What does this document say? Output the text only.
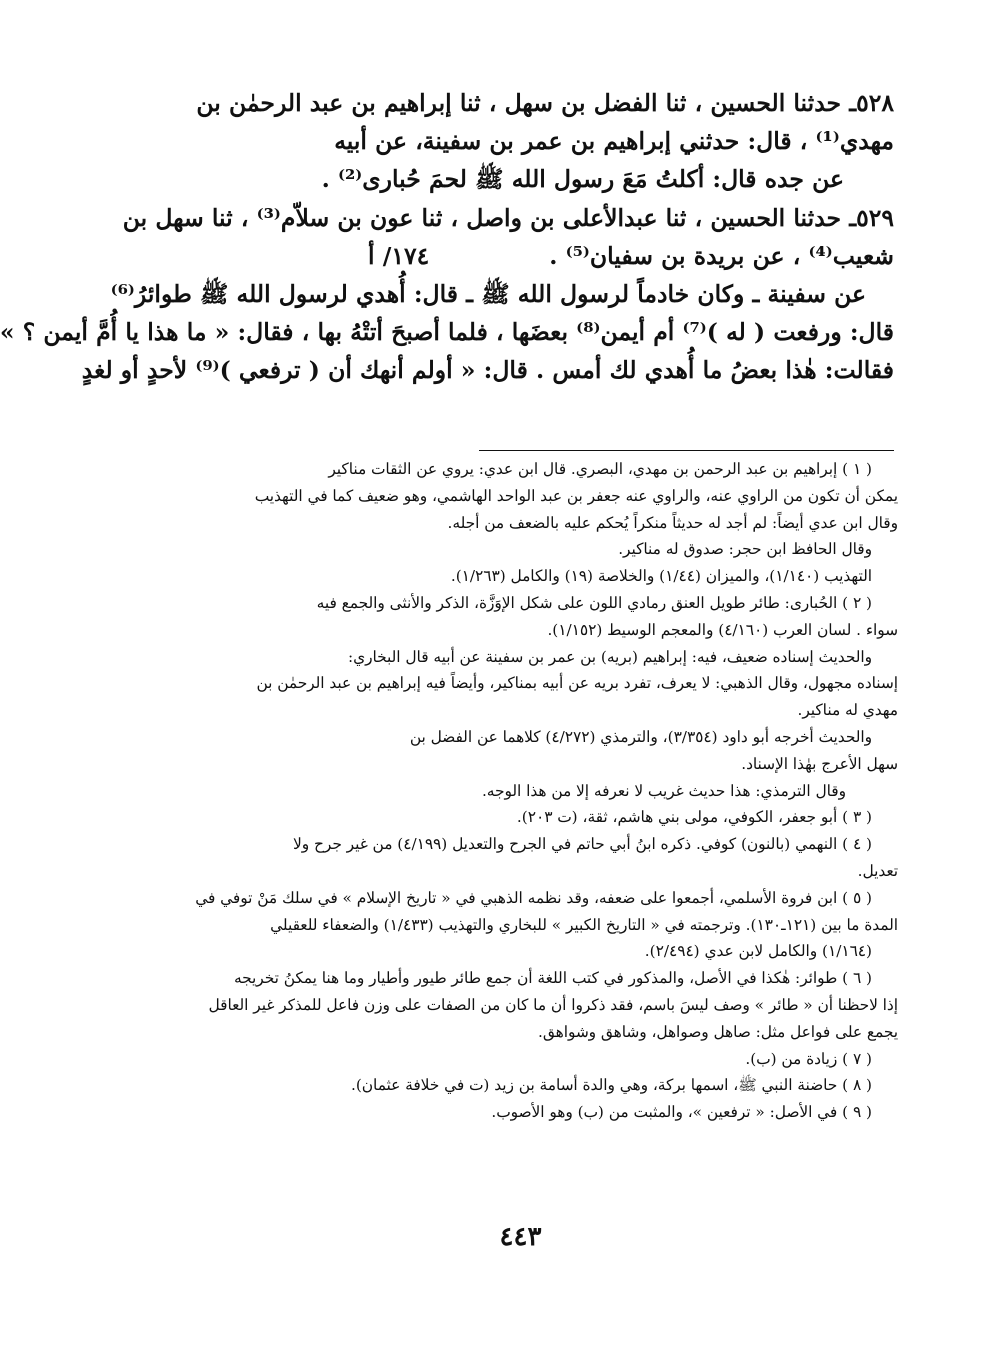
٥٢٨ـ حدثنا الحسين ، ثنا الفضل بن سهل ، ثنا إبراهيم بن عبد الرحمٰن بن

مهدي⁽¹⁾ ، قال: حدثني إبراهيم بن عمر بن سفينة، عن أبيه

عن جده قال: أكلتُ مَعَ رسول الله ﷺ لحمَ حُبارى⁽²⁾ .

٥٢٩ـ حدثنا الحسين ، ثنا عبدالأعلى بن واصل ، ثنا عون بن سلاّم⁽³⁾ ، ثنا سهل بن

شعيب⁽⁴⁾ ، عن بريدة بن سفيان⁽⁵⁾ .١٧٤/ أ

عن سفينة ـ وكان خادماً لرسول الله ﷺ ـ قال: أُهدي لرسول الله ﷺ طوائرُ⁽⁶⁾

قال: ورفعت ( له )⁽⁷⁾ أم أيمن⁽⁸⁾ بعضَها ، فلما أصبحَ أتتْهُ بها ، فقال: « ما هذا يا أُمَّ أيمن ؟ »

فقالت: هٰذا بعضُ ما أُهدي لك أمس . قال: « أولم أنهك أن ( ترفعي )⁽⁹⁾ لأحدٍ أو لغدٍ

( ١ ) إبراهيم بن عبد الرحمن بن مهدي، البصري. قال ابن عدي: يروي عن الثقات مناكير

يمكن أن تكون من الراوي عنه، والراوي عنه جعفر بن عبد الواحد الهاشمي، وهو ضعيف كما في التهذيب

وقال ابن عدي أيضاً: لم أجد له حديثاً منكراً يُحكم عليه بالضعف من أجله.

وقال الحافظ ابن حجر: صدوق له مناكير.

التهذيب (١/١٤٠)، والميزان (١/٤٤) والخلاصة (١٩) والكامل (١/٢٦٣).

( ٢ ) الحُبارى: طائر طويل العنق رمادي اللون على شكل الإوَزَّة، الذكر والأنثى والجمع فيه

سواء . لسان العرب (٤/١٦٠) والمعجم الوسيط (١/١٥٢).

والحديث إسناده ضعيف، فيه: إبراهيم (بريه) بن عمر بن سفينة عن أبيه قال البخاري:

إسناده مجهول، وقال الذهبي: لا يعرف، تفرد بريه عن أبيه بمناكير، وأيضاً فيه إبراهيم بن عبد الرحمٰن بن

مهدي له مناكير.

والحديث أخرجه أبو داود (٣/٣٥٤)، والترمذي (٤/٢٧٢) كلاهما عن الفضل بن

سهل الأعرج بهٰذا الإسناد.

وقال الترمذي: هذا حديث غريب لا نعرفه إلا من هذا الوجه.

( ٣ ) أبو جعفر، الكوفي، مولى بني هاشم، ثقة، (ت ٢٠٣).

( ٤ ) النهمي (بالنون) كوفي. ذكره ابنُ أبي حاتم في الجرح والتعديل (٤/١٩٩) من غير جرح ولا

تعديل.

( ٥ ) ابن فروة الأسلمي، أجمعوا على ضعفه، وقد نظمه الذهبي في « تاريخ الإسلام » في سلك مَنْ توفي في

المدة ما بين (١٢١ـ١٣٠). وترجمته في « التاريخ الكبير » للبخاري والتهذيب (١/٤٣٣) والضعفاء للعقيلي

(١/١٦٤) والكامل لابن عدي (٢/٤٩٤).

( ٦ ) طوائر: هٰكذا في الأصل، والمذكور في كتب اللغة أن جمع طائر طيور وأطيار وما هنا يمكنُ تخريجه

إذا لاحظنا أن « طائر » وصف ليسَ باسم، فقد ذكروا أن ما كان من الصفات على وزن فاعل للمذكر غير العاقل

يجمع على فواعل مثل: صاهل وصواهل، وشاهق وشواهق.

( ٧ ) زيادة من (ب).

( ٨ ) حاضنة النبي ﷺ، اسمها بركة، وهي والدة أسامة بن زيد (ت في خلافة عثمان).

( ٩ ) في الأصل: « ترفعين »، والمثبت من (ب) وهو الأصوب.

٤٤٣
